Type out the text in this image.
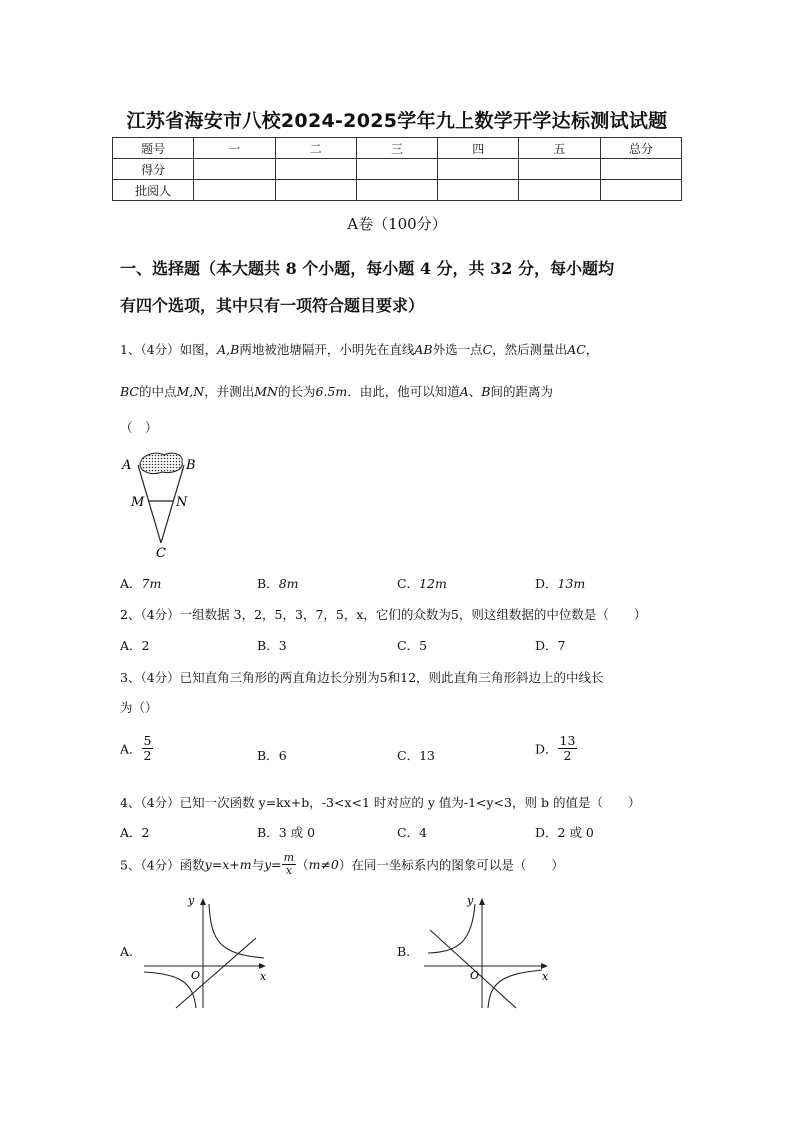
江苏省海安市八校2024-2025学年九上数学开学达标测试试题
题号	一	二	三	四	五	总分
得分						
批阅人						
A卷（100分）
一、选择题（本大题共 8 个小题，每小题 4 分，共 32 分，每小题均
有四个选项，其中只有一项符合题目要求）
1、（4分）如图，A,B两地被池塘隔开，小明先在直线AB外选一点C，然后测量出AC，
BC的中点M,N，并测出MN的长为6.5m．由此，他可以知道A、B间的距离为
（　）
A	B
M N
C
A．7m	B．8m	C．12m	D．13m
2、（4分）一组数据 3，2，5，3，7，5，x，它们的众数为5，则这组数据的中位数是（　　）
A．2	B．3	C．5	D．7
3、（4分）已知直角三角形的两直角边长分别为5和12，则此直角三角形斜边上的中线长
为（）
A． $\frac{5}{2}$	B．6	C．13	D． $\frac{13}{2}$
4、（4分）已知一次函数 y=kx+b，-3<x<1 时对应的 y 值为-1<y<3，则 b 的值是（　　）
A．2	B．3 或 0	C．4	D．2 或 0
5、（4分）函数y=x+m与$y= \frac{m}{x} (m\ne 0)$在同一坐标系内的图象可以是（　　）
A.
y
x
O
B.
y
x
O
